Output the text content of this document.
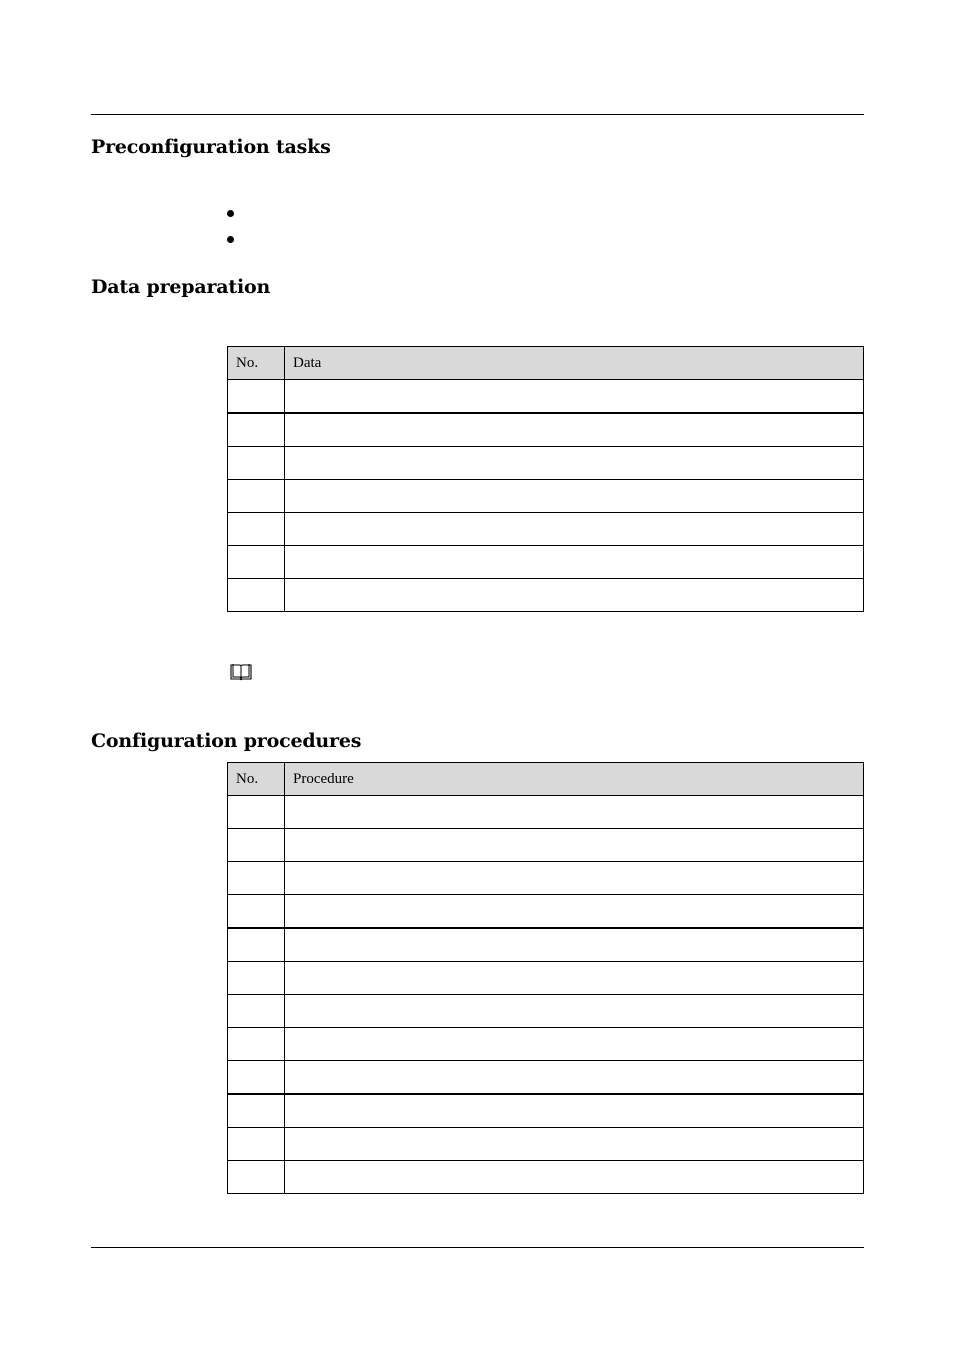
Preconfiguration tasks
Data preparation
No.	Data

Configuration procedures
No.	Procedure
